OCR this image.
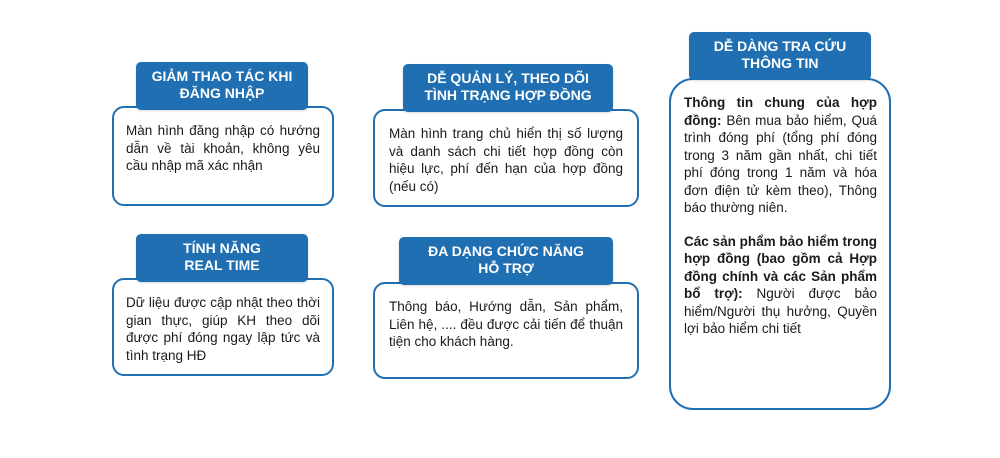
GIẢM THAO TÁC KHI
ĐĂNG NHẬP
Màn hình đăng nhập có hướng dẫn về tài khoản, không yêu cầu nhập mã xác nhận
TÍNH NĂNG
REAL TIME
Dữ liệu được cập nhật theo thời gian thực, giúp KH theo dõi được phí đóng ngay lập tức và tình trạng HĐ
DỄ QUẢN LÝ, THEO DÕI
TÌNH TRẠNG HỢP ĐỒNG
Màn hình trang chủ hiển thị số lượng và danh sách chi tiết hợp đồng còn hiệu lực, phí đến hạn của hợp đồng (nếu có)
ĐA DẠNG CHỨC NĂNG
HỖ TRỢ
Thông báo, Hướng dẫn, Sản phẩm, Liên hệ, .... đều được cải tiến để thuận tiện cho khách hàng.
DỄ DÀNG TRA CỨU
THÔNG TIN
Thông tin chung của hợp đồng: Bên mua bảo hiểm, Quá trình đóng phí (tổng phí đóng trong 3 năm gần nhất, chi tiết phí đóng trong 1 năm và hóa đơn điện tử kèm theo), Thông báo thường niên.
Các sản phẩm bảo hiểm trong hợp đồng (bao gồm cả Hợp đồng chính và các Sản phẩm bổ trợ): Người được bảo hiểm/Người thụ hưởng, Quyền lợi bảo hiểm chi tiết
